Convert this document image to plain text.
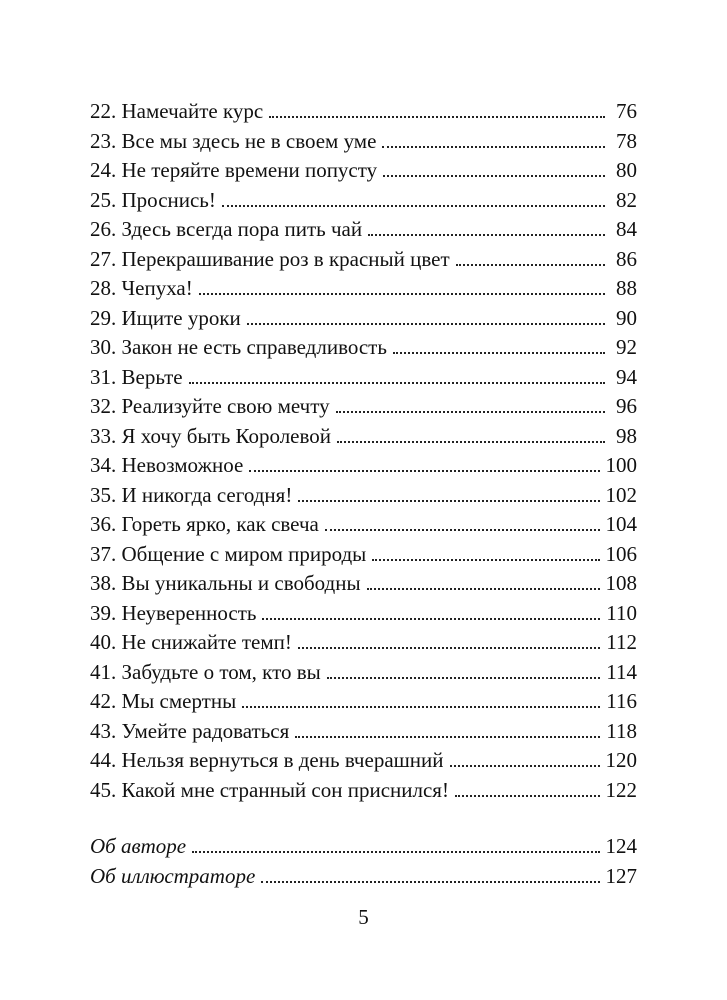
22. Намечайте курс	76
23. Все мы здесь не в своем уме	78
24. Не теряйте времени попусту	80
25. Проснись!	82
26. Здесь всегда пора пить чай	84
27. Перекрашивание роз в красный цвет	86
28. Чепуха!	88
29. Ищите уроки	90
30. Закон не есть справедливость	92
31. Верьте	94
32. Реализуйте свою мечту	96
33. Я хочу быть Королевой	98
34. Невозможное	100
35. И никогда сегодня!	102
36. Гореть ярко, как свеча	104
37. Общение с миром природы	106
38. Вы уникальны и свободны	108
39. Неуверенность	110
40. Не снижайте темп!	112
41. Забудьте о том, кто вы	114
42. Мы смертны	116
43. Умейте радоваться	118
44. Нельзя вернуться в день вчерашний	120
45. Какой мне странный сон приснился!	122
Об авторе	124
Об иллюстраторе	127
5
